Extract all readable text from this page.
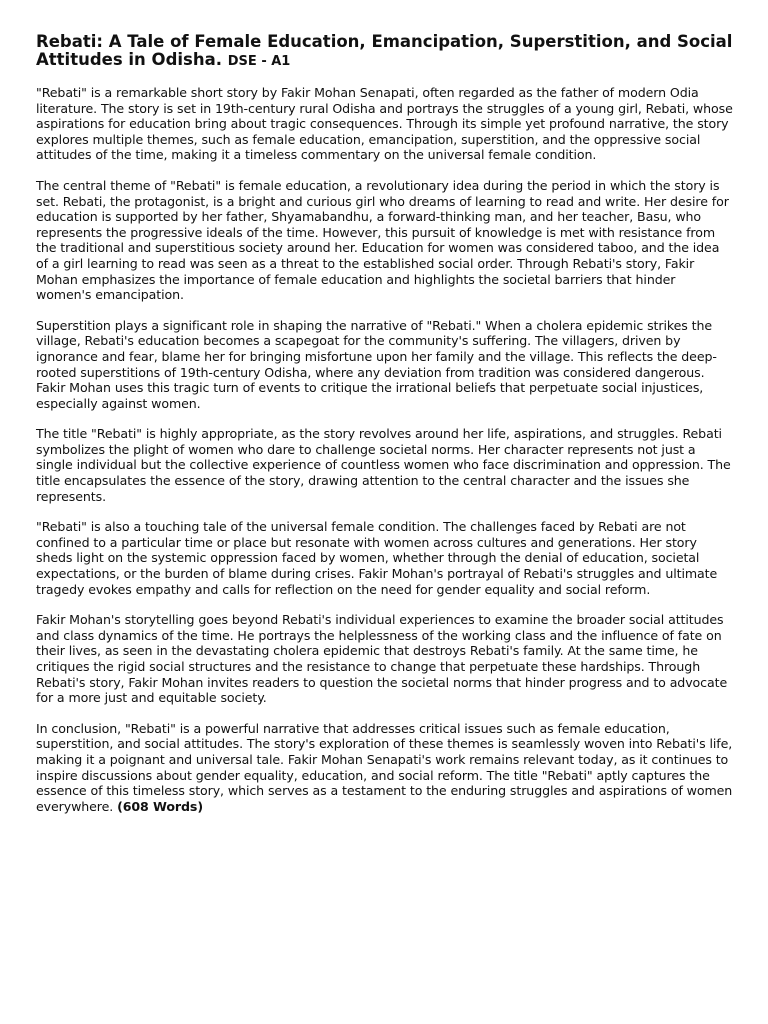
Rebati: A Tale of Female Education, Emancipation, Superstition, and Social Attitudes in Odisha. DSE - A1

"Rebati" is a remarkable short story by Fakir Mohan Senapati, often regarded as the father of modern Odia literature. The story is set in 19th-century rural Odisha and portrays the struggles of a young girl, Rebati, whose aspirations for education bring about tragic consequences. Through its simple yet profound narrative, the story explores multiple themes, such as female education, emancipation, superstition, and the oppressive social attitudes of the time, making it a timeless commentary on the universal female condition.

The central theme of "Rebati" is female education, a revolutionary idea during the period in which the story is set. Rebati, the protagonist, is a bright and curious girl who dreams of learning to read and write. Her desire for education is supported by her father, Shyamabandhu, a forward-thinking man, and her teacher, Basu, who represents the progressive ideals of the time. However, this pursuit of knowledge is met with resistance from the traditional and superstitious society around her. Education for women was considered taboo, and the idea of a girl learning to read was seen as a threat to the established social order. Through Rebati's story, Fakir Mohan emphasizes the importance of female education and highlights the societal barriers that hinder women's emancipation.

Superstition plays a significant role in shaping the narrative of "Rebati." When a cholera epidemic strikes the village, Rebati's education becomes a scapegoat for the community's suffering. The villagers, driven by ignorance and fear, blame her for bringing misfortune upon her family and the village. This reflects the deep-rooted superstitions of 19th-century Odisha, where any deviation from tradition was considered dangerous. Fakir Mohan uses this tragic turn of events to critique the irrational beliefs that perpetuate social injustices, especially against women.

The title "Rebati" is highly appropriate, as the story revolves around her life, aspirations, and struggles. Rebati symbolizes the plight of women who dare to challenge societal norms. Her character represents not just a single individual but the collective experience of countless women who face discrimination and oppression. The title encapsulates the essence of the story, drawing attention to the central character and the issues she represents.

"Rebati" is also a touching tale of the universal female condition. The challenges faced by Rebati are not confined to a particular time or place but resonate with women across cultures and generations. Her story sheds light on the systemic oppression faced by women, whether through the denial of education, societal expectations, or the burden of blame during crises. Fakir Mohan's portrayal of Rebati's struggles and ultimate tragedy evokes empathy and calls for reflection on the need for gender equality and social reform.

Fakir Mohan's storytelling goes beyond Rebati's individual experiences to examine the broader social attitudes and class dynamics of the time. He portrays the helplessness of the working class and the influence of fate on their lives, as seen in the devastating cholera epidemic that destroys Rebati's family. At the same time, he critiques the rigid social structures and the resistance to change that perpetuate these hardships. Through Rebati's story, Fakir Mohan invites readers to question the societal norms that hinder progress and to advocate for a more just and equitable society.

In conclusion, "Rebati" is a powerful narrative that addresses critical issues such as female education, superstition, and social attitudes. The story's exploration of these themes is seamlessly woven into Rebati's life, making it a poignant and universal tale. Fakir Mohan Senapati's work remains relevant today, as it continues to inspire discussions about gender equality, education, and social reform. The title "Rebati" aptly captures the essence of this timeless story, which serves as a testament to the enduring struggles and aspirations of women everywhere. (608 Words)
